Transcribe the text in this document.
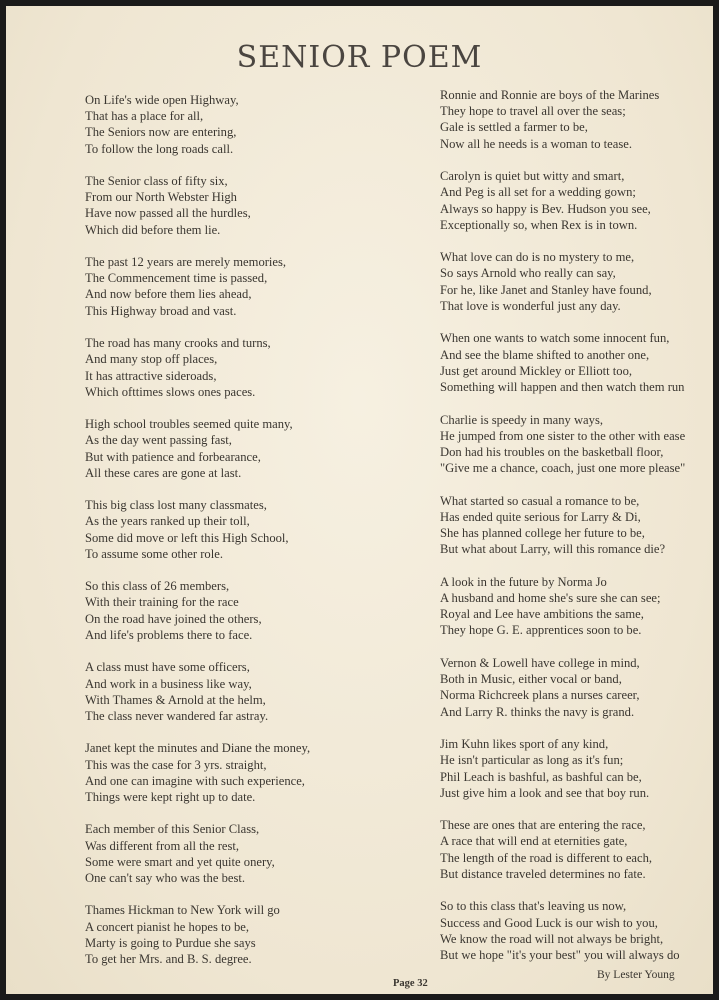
SENIOR POEM
On Life's wide open Highway,
That has a place for all,
The Seniors now are entering,
To follow the long roads call.
The Senior class of fifty six,
From our North Webster High
Have now passed all the hurdles,
Which did before them lie.
The past 12 years are merely memories,
The Commencement time is passed,
And now before them lies ahead,
This Highway broad and vast.
The road has many crooks and turns,
And many stop off places,
It has attractive sideroads,
Which ofttimes slows ones paces.
High school troubles seemed quite many,
As the day went passing fast,
But with patience and forbearance,
All these cares are gone at last.
This big class lost many classmates,
As the years ranked up their toll,
Some did move or left this High School,
To assume some other role.
So this class of 26 members,
With their training for the race
On the road have joined the others,
And life's problems there to face.
A class must have some officers,
And work in a business like way,
With Thames & Arnold at the helm,
The class never wandered far astray.
Janet kept the minutes and Diane the money,
This was the case for 3 yrs. straight,
And one can imagine with such experience,
Things were kept right up to date.
Each member of this Senior Class,
Was different from all the rest,
Some were smart and yet quite onery,
One can't say who was the best.
Thames Hickman to New York will go
A concert pianist he hopes to be,
Marty is going to Purdue she says
To get her Mrs. and B. S. degree.
Ronnie and Ronnie are boys of the Marines
They hope to travel all over the seas;
Gale is settled a farmer to be,
Now all he needs is a woman to tease.
Carolyn is quiet but witty and smart,
And Peg is all set for a wedding gown;
Always so happy is Bev. Hudson you see,
Exceptionally so, when Rex is in town.
What love can do is no mystery to me,
So says Arnold who really can say,
For he, like Janet and Stanley have found,
That love is wonderful just any day.
When one wants to watch some innocent fun,
And see the blame shifted to another one,
Just get around Mickley or Elliott too,
Something will happen and then watch them run
Charlie is speedy in many ways,
He jumped from one sister to the other with ease
Don had his troubles on the basketball floor,
"Give me a chance, coach, just one more please"
What started so casual a romance to be,
Has ended quite serious for Larry & Di,
She has planned college her future to be,
But what about Larry, will this romance die?
A look in the future by Norma Jo
A husband and home she's sure she can see;
Royal and Lee have ambitions the same,
They hope G. E. apprentices soon to be.
Vernon & Lowell have college in mind,
Both in Music, either vocal or band,
Norma Richcreek plans a nurses career,
And Larry R. thinks the navy is grand.
Jim Kuhn likes sport of any kind,
He isn't particular as long as it's fun;
Phil Leach is bashful, as bashful can be,
Just give him a look and see that boy run.
These are ones that are entering the race,
A race that will end at eternities gate,
The length of the road is different to each,
But distance traveled determines no fate.
So to this class that's leaving us now,
Success and Good Luck is our wish to you,
We know the road will not always be bright,
But we hope "it's your best" you will always do
By Lester Young
Page 32
